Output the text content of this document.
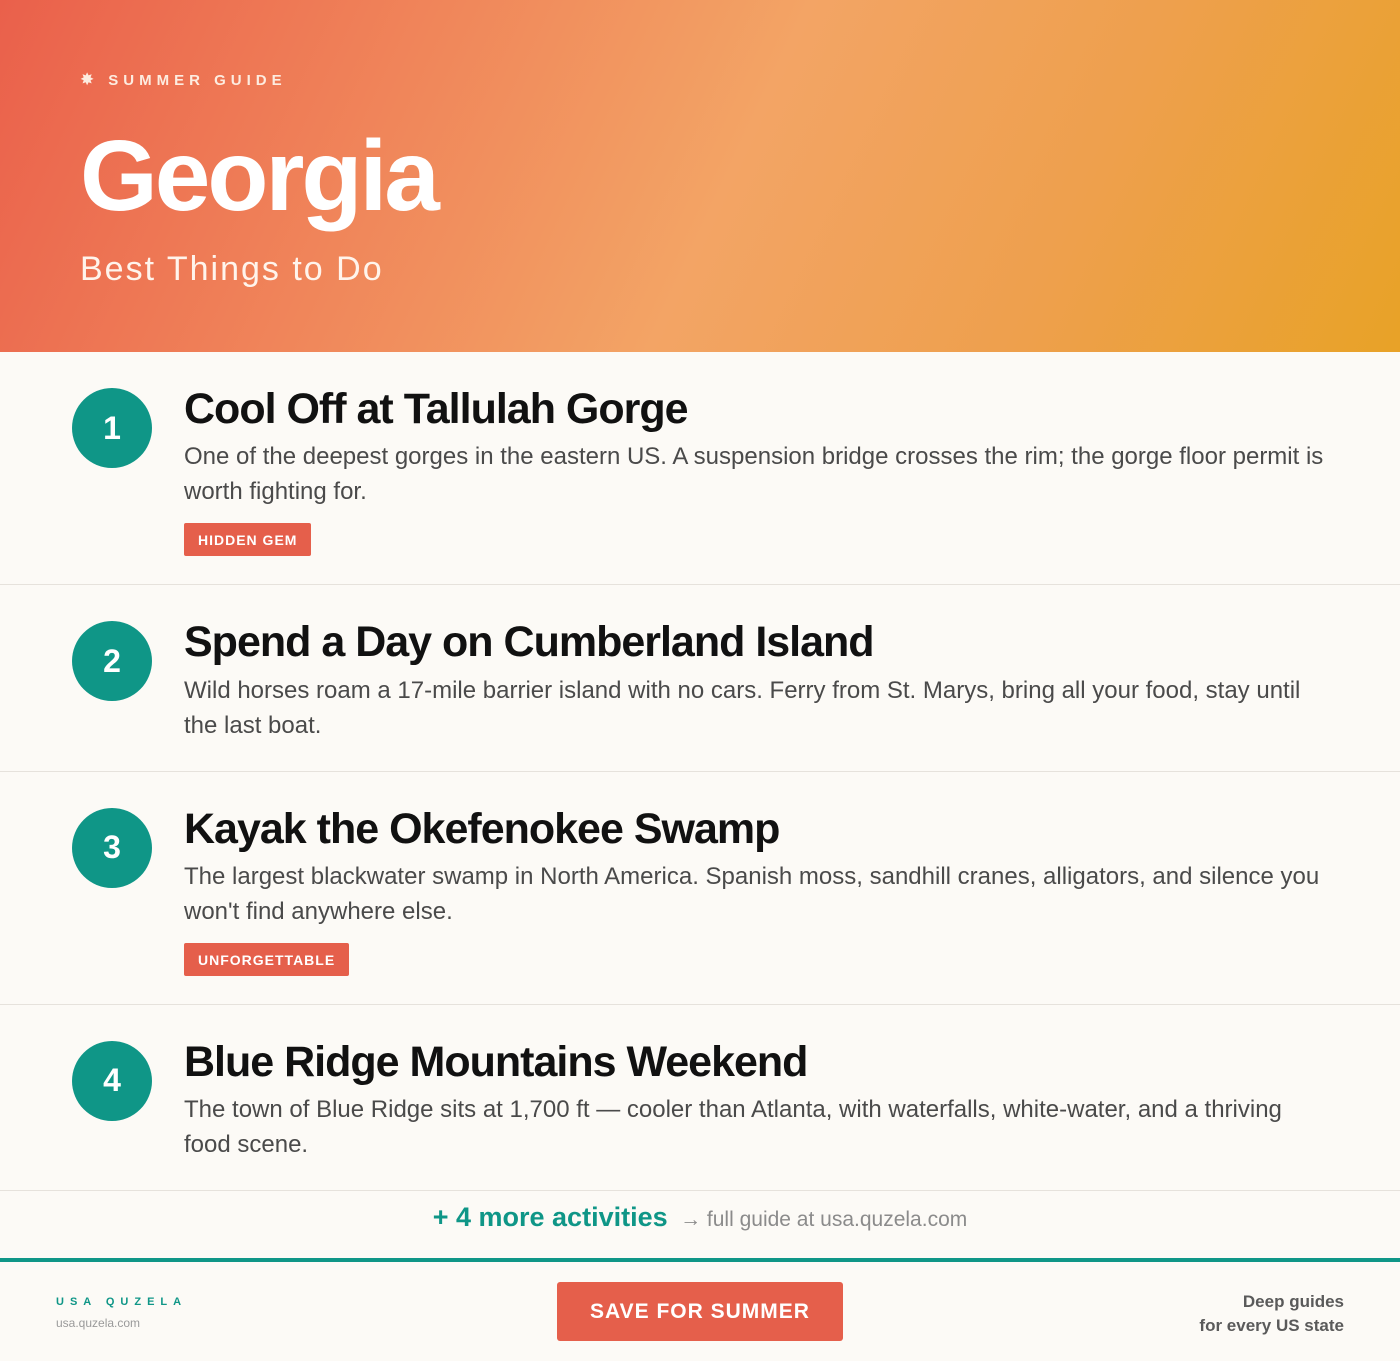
✸ SUMMER GUIDE
Georgia
Best Things to Do
1	Cool Off at Tallulah Gorge
One of the deepest gorges in the eastern US. A suspension bridge crosses the rim; the gorge floor permit is worth fighting for.
HIDDEN GEM
2	Spend a Day on Cumberland Island
Wild horses roam a 17-mile barrier island with no cars. Ferry from St. Marys, bring all your food, stay until the last boat.
3	Kayak the Okefenokee Swamp
The largest blackwater swamp in North America. Spanish moss, sandhill cranes, alligators, and silence you won't find anywhere else.
UNFORGETTABLE
4	Blue Ridge Mountains Weekend
The town of Blue Ridge sits at 1,700 ft — cooler than Atlanta, with waterfalls, white-water, and a thriving food scene.
+ 4 more activities → full guide at usa.quzela.com
USA QUZELA
usa.quzela.com
SAVE FOR SUMMER	Deep guides
for every US state
